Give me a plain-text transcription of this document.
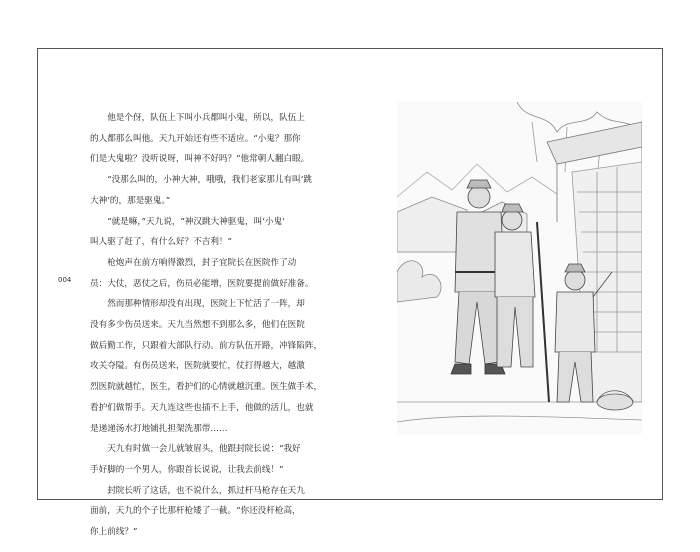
004

他是个伢，队伍上下叫小兵都叫小鬼，所以，队伍上

的人都那么叫他。天九开始还有些不适应。“小鬼？那你

们是大鬼啦？没听说呀，叫神不好吗？”他常朝人翻白眼。

“没那么叫的，小神大神，哦哦，我们老家那儿有叫‘跳

大神’的，那是驱鬼。”

“就是嘛，”天九说，“神汉跳大神驱鬼，叫‘小鬼’

叫人驱了赶了，有什么好？不吉利！”

枪炮声在前方响得激烈，封子宜院长在医院作了动

员：大仗，恶仗之后，伤员必能增，医院要提前做好准备。

然而那种情形却没有出现，医院上下忙活了一阵，却

没有多少伤员送来。天九当然想不到那么多，他们在医院

做后勤工作，只跟着大部队行动。前方队伍开路，冲锋陷阵，

攻关夺隘。有伤员送来，医院就要忙，仗打得越大，越激

烈医院就越忙，医生，看护们的心情就越沉重。医生做手术，

看护们做帮手。天九连这些也插不上手，他做的活儿，也就

是递递汤水打地铺扎担架洗那带……

天九有时做一会儿就皱眉头，他跟封院长说：“我好

手好脚的一个男人，你跟首长说说，让我去前线！”

封院长听了这话，也不说什么，抓过杆马枪存在天九

面前，天九的个子比那杆枪矮了一截。“你还没杆枪高，

你上前线？”
